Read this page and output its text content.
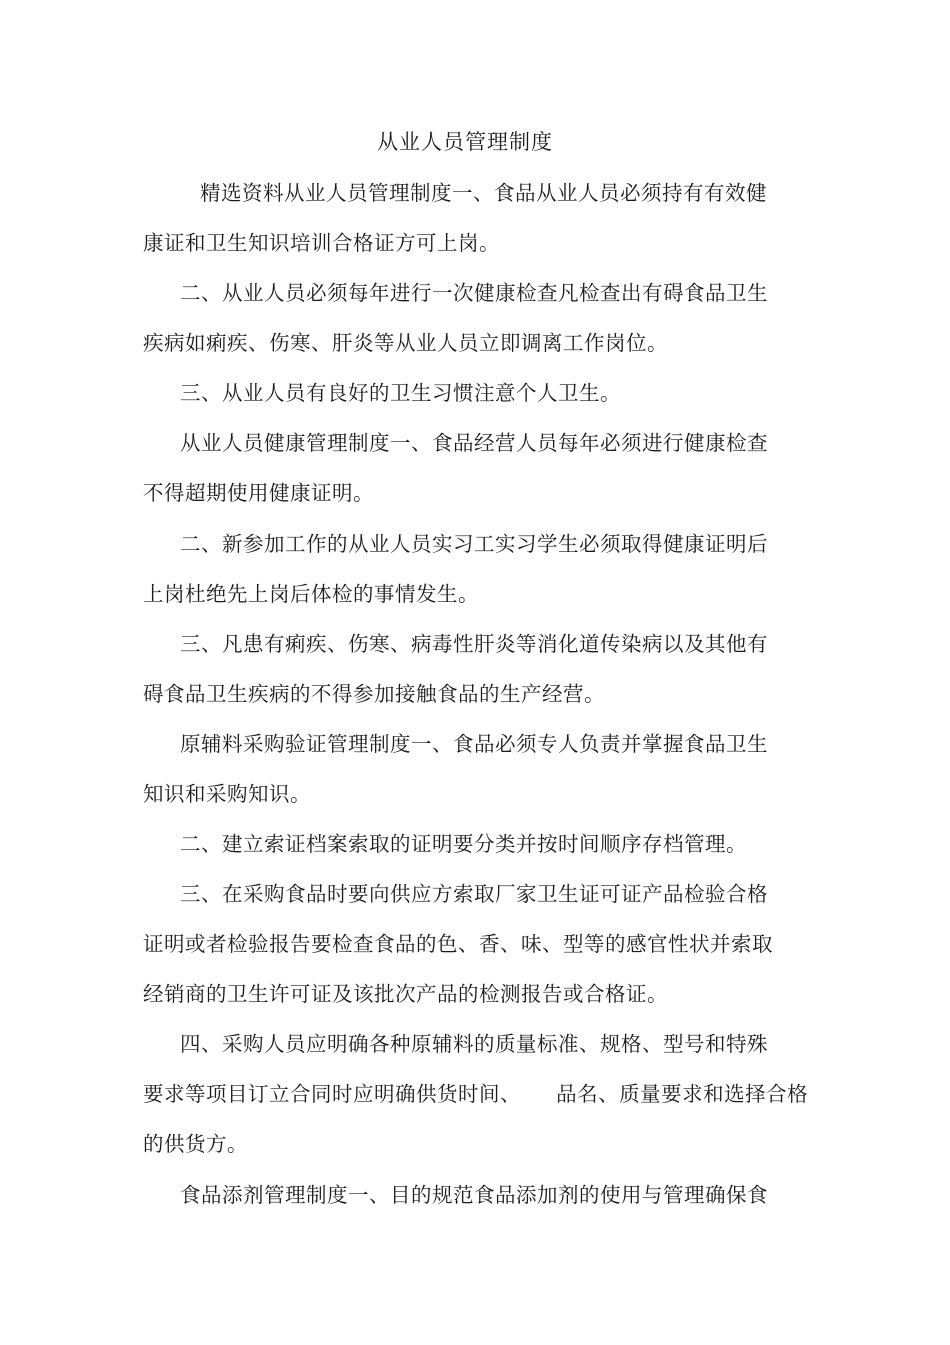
从业人员管理制度
精选资料从业人员管理制度一、食品从业人员必须持有有效健
康证和卫生知识培训合格证方可上岗。
二、从业人员必须每年进行一次健康检查凡检查出有碍食品卫生
疾病如痢疾、伤寒、肝炎等从业人员立即调离工作岗位。
三、从业人员有良好的卫生习惯注意个人卫生。
从业人员健康管理制度一、食品经营人员每年必须进行健康检查
不得超期使用健康证明。
二、新参加工作的从业人员实习工实习学生必须取得健康证明后
上岗杜绝先上岗后体检的事情发生。
三、凡患有痢疾、伤寒、病毒性肝炎等消化道传染病以及其他有
碍食品卫生疾病的不得参加接触食品的生产经营。
原辅料采购验证管理制度一、食品必须专人负责并掌握食品卫生
知识和采购知识。
二、建立索证档案索取的证明要分类并按时间顺序存档管理。
三、在采购食品时要向供应方索取厂家卫生证可证产品检验合格
证明或者检验报告要检查食品的色、香、味、型等的感官性状并索取
经销商的卫生许可证及该批次产品的检测报告或合格证。
四、采购人员应明确各种原辅料的质量标准、规格、型号和特殊
要求等项目订立合同时应明确供货时间、     品名、质量要求和选择合格
的供货方。
食品添剂管理制度一、目的规范食品添加剂的使用与管理确保食
